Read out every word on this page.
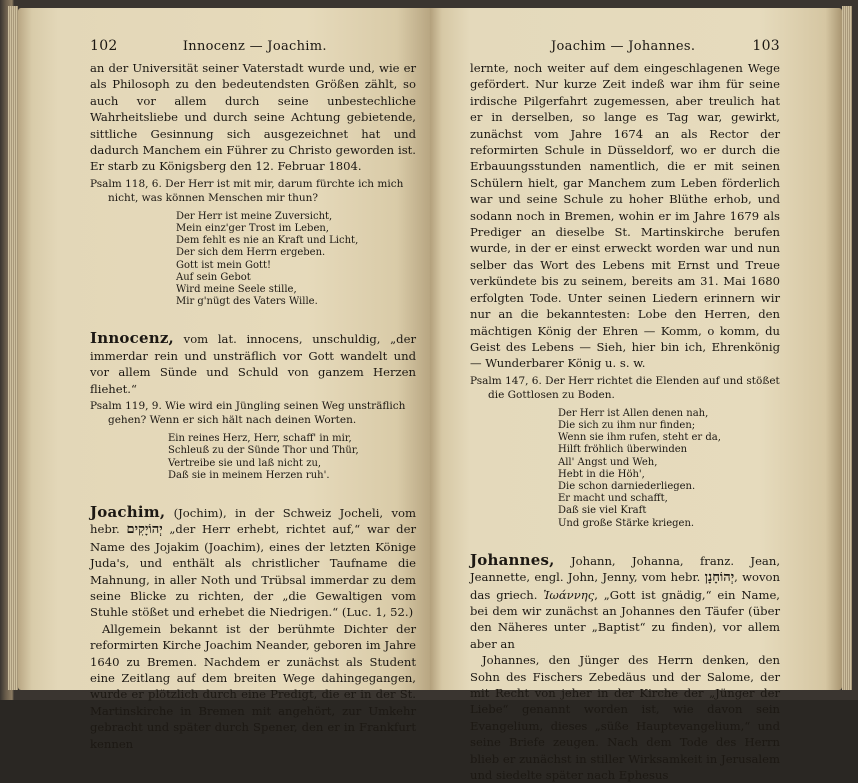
102	Innocenz — Joachim.

an der Universität seiner Vaterstadt wurde und, wie er als Philosoph zu den bedeutendsten Größen zählt, so auch vor allem durch seine unbestechliche Wahrheitsliebe und durch seine Achtung gebietende, sittliche Gesinnung sich ausgezeichnet hat und dadurch Manchem ein Führer zu Christo geworden ist. Er starb zu Königsberg den 12. Februar 1804.

Psalm 118, 6. Der Herr ist mit mir, darum fürchte ich mich
nicht, was können Menschen mir thun?
Der Herr ist meine Zuversicht,
Mein einz'ger Trost im Leben,
Dem fehlt es nie an Kraft und Licht,
Der sich dem Herrn ergeben.
Gott ist mein Gott!
Auf sein Gebot
Wird meine Seele stille,
Mir g'nügt des Vaters Wille.

Innocenz, vom lat. innocens, unschuldig, „der immerdar rein und unsträflich vor Gott wandelt und vor allem Sünde und Schuld von ganzem Herzen fliehet.“

Psalm 119, 9. Wie wird ein Jüngling seinen Weg unsträflich
gehen? Wenn er sich hält nach deinen Worten.
Ein reines Herz, Herr, schaff' in mir,
Schleuß zu der Sünde Thor und Thür,
Vertreibe sie und laß nicht zu,
Daß sie in meinem Herzen ruh'.

Joachim, (Jochim), in der Schweiz Jocheli, vom hebr. יְהוֹיָקִים „der Herr erhebt, richtet auf,“ war der Name des Jojakim (Joachim), eines der letzten Könige Juda's, und enthält als christlicher Taufname die Mahnung, in aller Noth und Trübsal immerdar zu dem seine Blicke zu richten, der „die Gewaltigen vom Stuhle stößet und erhebet die Niedrigen.“ (Luc. 1, 52.)

Allgemein bekannt ist der berühmte Dichter der reformirten Kirche Joachim Neander, geboren im Jahre 1640 zu Bremen. Nachdem er zunächst als Student eine Zeitlang auf dem breiten Wege dahingegangen, wurde er plötzlich durch eine Predigt, die er in der St. Martinskirche in Bremen mit angehört, zur Umkehr gebracht und später durch Spener, den er in Frankfurt kennen

Joachim — Johannes.	103

lernte, noch weiter auf dem eingeschlagenen Wege gefördert. Nur kurze Zeit indeß war ihm für seine irdische Pilgerfahrt zugemessen, aber treulich hat er in derselben, so lange es Tag war, gewirkt, zunächst vom Jahre 1674 an als Rector der reformirten Schule in Düsseldorf, wo er durch die Erbauungsstunden namentlich, die er mit seinen Schülern hielt, gar Manchem zum Leben förderlich war und seine Schule zu hoher Blüthe erhob, und sodann noch in Bremen, wohin er im Jahre 1679 als Prediger an dieselbe St. Martinskirche berufen wurde, in der er einst erweckt worden war und nun selber das Wort des Lebens mit Ernst und Treue verkündete bis zu seinem, bereits am 31. Mai 1680 erfolgten Tode. Unter seinen Liedern erinnern wir nur an die bekanntesten: Lobe den Herren, den mächtigen König der Ehren — Komm, o komm, du Geist des Lebens — Sieh, hier bin ich, Ehrenkönig — Wunderbarer König u. s. w.

Psalm 147, 6. Der Herr richtet die Elenden auf und stößet
die Gottlosen zu Boden.
Der Herr ist Allen denen nah,
Die sich zu ihm nur finden;
Wenn sie ihm rufen, steht er da,
Hilft fröhlich überwinden
All' Angst und Weh,
Hebt in die Höh',
Die schon darniederliegen.
Er macht und schafft,
Daß sie viel Kraft
Und große Stärke kriegen.

Johannes, Johann, Johanna, franz. Jean, Jeannette, engl. John, Jenny, vom hebr. יְהוֹחָנָן, wovon das griech. Ἰωάννης, „Gott ist gnädig,“ ein Name, bei dem wir zunächst an Johannes den Täufer (über den Näheres unter „Baptist“ zu finden), vor allem aber an

Johannes, den Jünger des Herrn denken, den Sohn des Fischers Zebedäus und der Salome, der mit Recht von jeher in der Kirche der „Jünger der Liebe“ genannt worden ist, wie davon sein Evangelium, dieses „süße Hauptevangelium,“ und seine Briefe zeugen. Nach dem Tode des Herrn blieb er zunächst in stiller Wirksamkeit in Jerusalem und siedelte später nach Ephesus
